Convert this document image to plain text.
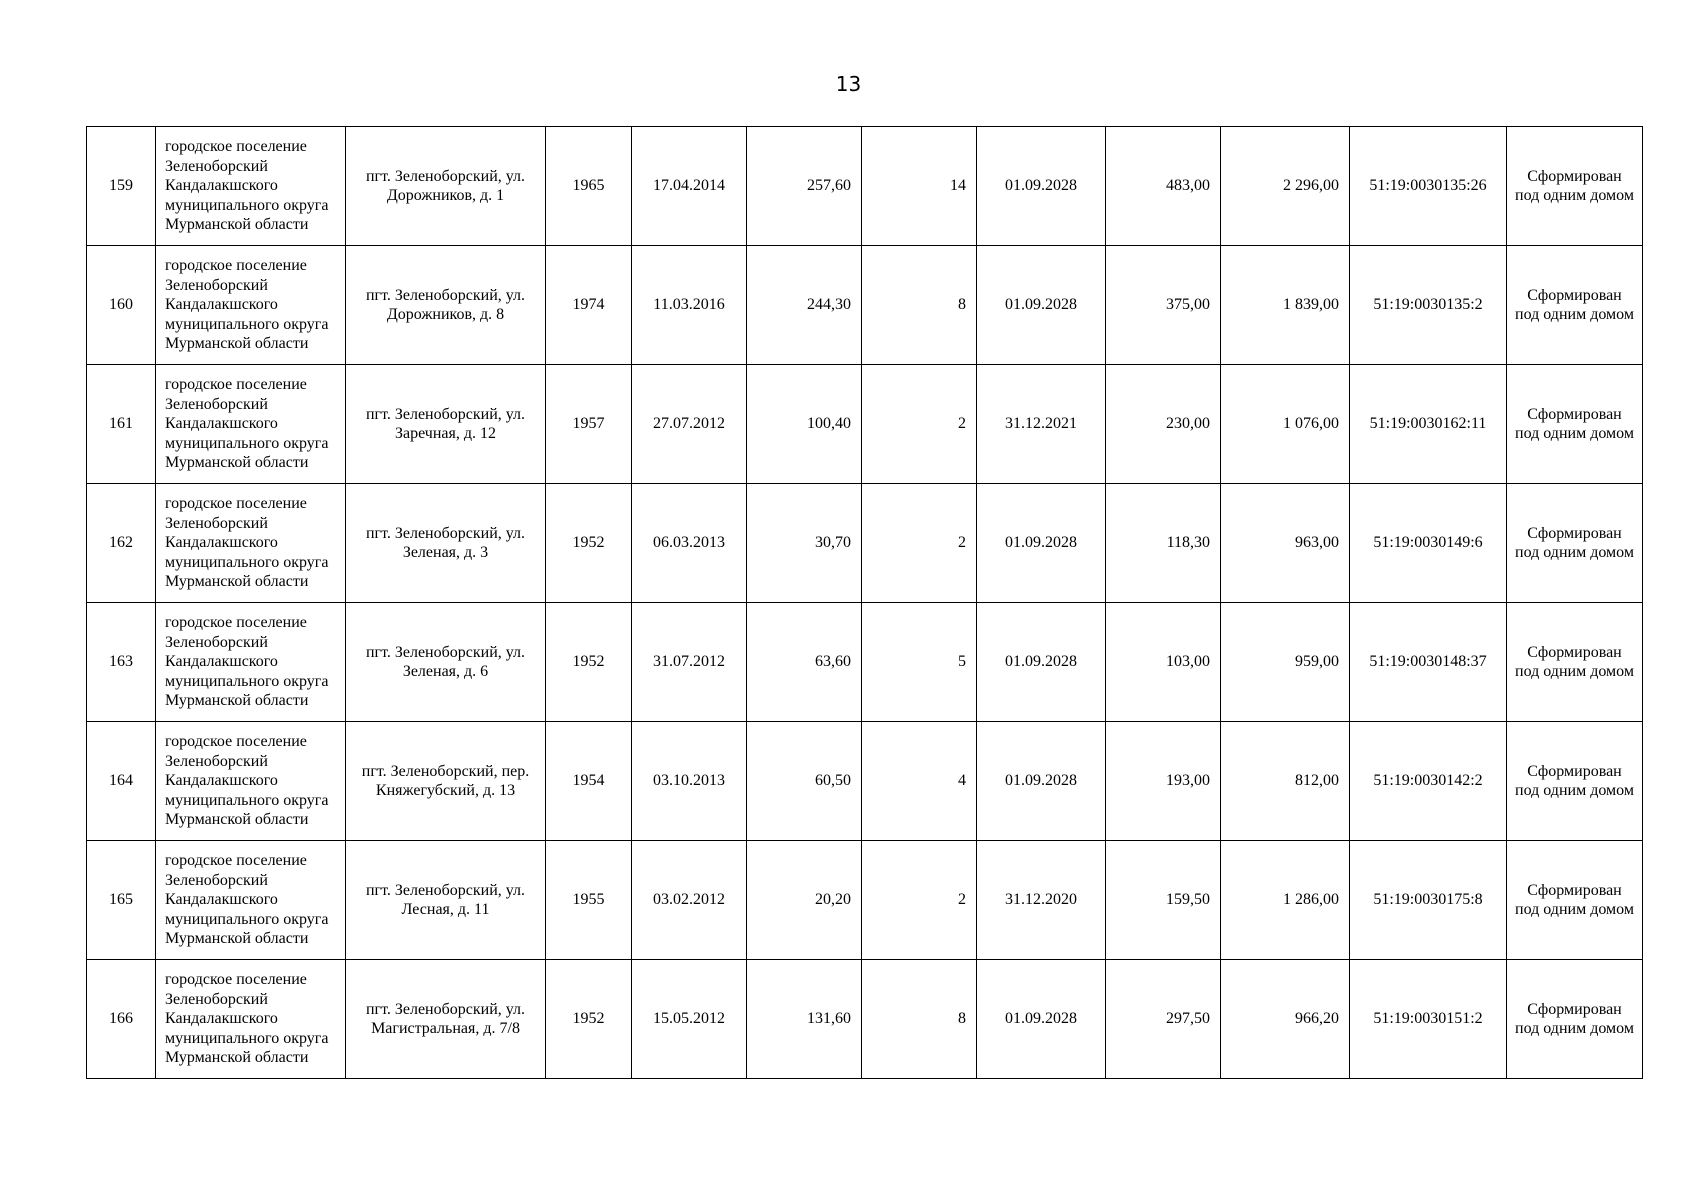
13
159	городское поселение Зеленоборский Кандалакшского муниципального округа Мурманской области	пгт. Зеленоборский, ул. Дорожников, д. 1	1965	17.04.2014	257,60	14	01.09.2028	483,00	2 296,00	51:19:0030135:26	Сформирован под одним домом
160	городское поселение Зеленоборский Кандалакшского муниципального округа Мурманской области	пгт. Зеленоборский, ул. Дорожников, д. 8	1974	11.03.2016	244,30	8	01.09.2028	375,00	1 839,00	51:19:0030135:2	Сформирован под одним домом
161	городское поселение Зеленоборский Кандалакшского муниципального округа Мурманской области	пгт. Зеленоборский, ул. Заречная, д. 12	1957	27.07.2012	100,40	2	31.12.2021	230,00	1 076,00	51:19:0030162:11	Сформирован под одним домом
162	городское поселение Зеленоборский Кандалакшского муниципального округа Мурманской области	пгт. Зеленоборский, ул. Зеленая, д. 3	1952	06.03.2013	30,70	2	01.09.2028	118,30	963,00	51:19:0030149:6	Сформирован под одним домом
163	городское поселение Зеленоборский Кандалакшского муниципального округа Мурманской области	пгт. Зеленоборский, ул. Зеленая, д. 6	1952	31.07.2012	63,60	5	01.09.2028	103,00	959,00	51:19:0030148:37	Сформирован под одним домом
164	городское поселение Зеленоборский Кандалакшского муниципального округа Мурманской области	пгт. Зеленоборский, пер. Княжегубский, д. 13	1954	03.10.2013	60,50	4	01.09.2028	193,00	812,00	51:19:0030142:2	Сформирован под одним домом
165	городское поселение Зеленоборский Кандалакшского муниципального округа Мурманской области	пгт. Зеленоборский, ул. Лесная, д. 11	1955	03.02.2012	20,20	2	31.12.2020	159,50	1 286,00	51:19:0030175:8	Сформирован под одним домом
166	городское поселение Зеленоборский Кандалакшского муниципального округа Мурманской области	пгт. Зеленоборский, ул. Магистральная, д. 7/8	1952	15.05.2012	131,60	8	01.09.2028	297,50	966,20	51:19:0030151:2	Сформирован под одним домом
